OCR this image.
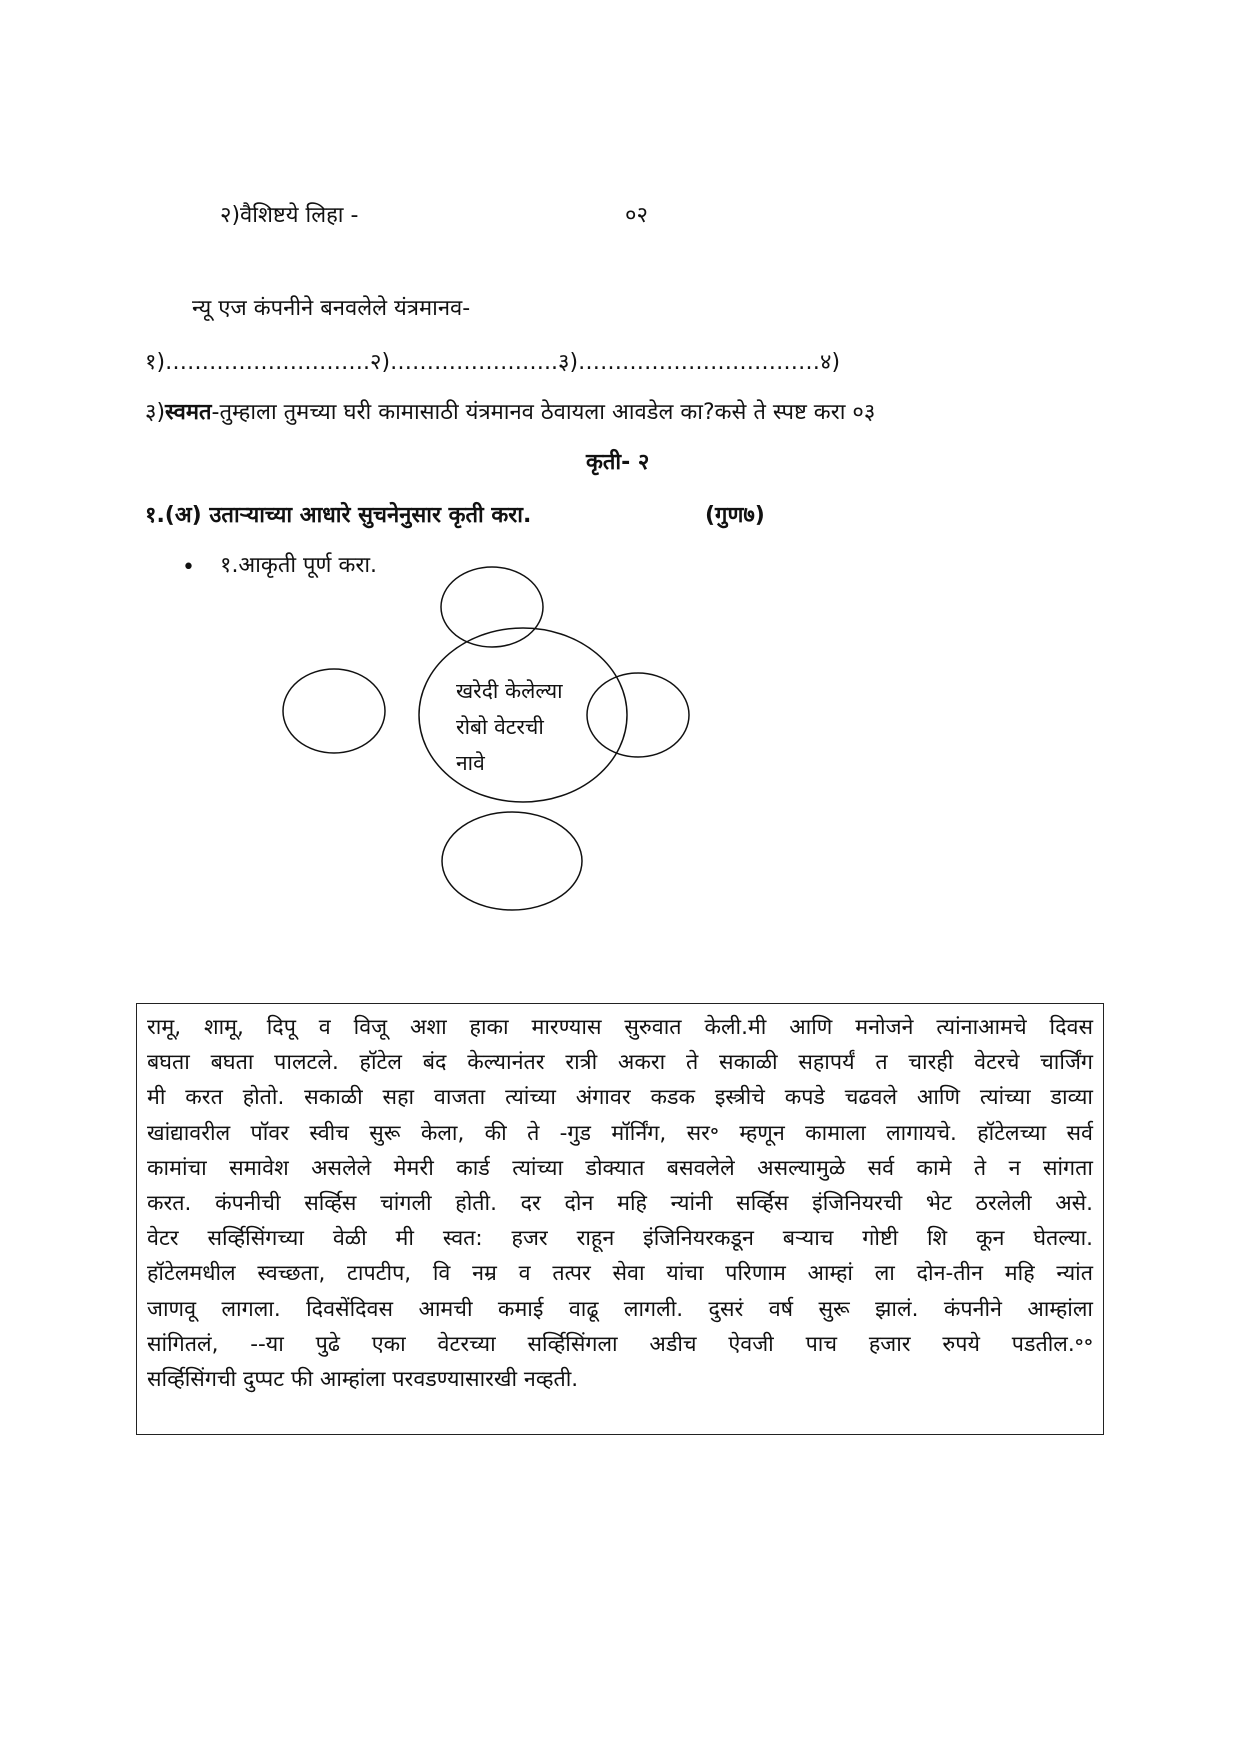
२)वैशिष्टये लिहा -	०२
न्यू एज कंपनीने बनवलेले यंत्रमानव-
१)……………………….२)…………………..३)……………………………४)
३)स्वमत-तुम्हाला तुमच्या घरी कामासाठी यंत्रमानव ठेवायला आवडेल का?कसे ते स्पष्ट करा ०३
कृती- २
१.(अ) उताऱ्याच्या आधारे सुचनेनुसार कृती करा.	(गुण७)
• १.आकृती पूर्ण करा.
खरेदी केलेल्या
रोबो वेटरची
नावे
रामू, शामू, दिपू व विजू अशा हाका मारण्यास सुरुवात केली.मी आणि मनोजने त्यांनाआमचे दिवस
बघता बघता पालटले. हॉटेल बंद केल्यानंतर रात्री अकरा ते सकाळी सहापर्यं त चारही वेटरचे चार्जिंग
मी करत होतो. सकाळी सहा वाजता त्यांच्या अंगावर कडक इस्त्रीचे कपडे चढवले आणि त्यांच्या डाव्या
खांद्यावरील पॉवर स्वीच सुरू केला, की ते -गुड मॉर्निंग, सर॰ म्हणून कामाला लागायचे. हॉटेलच्या सर्व
कामांचा समावेश असलेले मेमरी कार्ड त्यांच्या डोक्यात बसवलेले असल्यामुळे सर्व कामे ते न सांगता
करत. कंपनीची सर्व्हिस चांगली होती. दर दोन महि न्यांनी सर्व्हिस इंजिनियरची भेट ठरलेली असे.
वेटर सर्व्हिसिंगच्या वेळी मी स्वत: हजर राहून इंजिनियरकडून बऱ्याच गोष्टी शि कून घेतल्या.
हॉटेलमधील स्वच्छता, टापटीप, वि नम्र व तत्पर सेवा यांचा परिणाम आम्हां ला दोन-तीन महि न्यांत
जाणवू लागला. दिवसेंदिवस आमची कमाई वाढू लागली. दुसरं वर्ष सुरू झालं. कंपनीने आम्हांला
सांगितलं, --या पुढे एका वेटरच्या सर्व्हिसिंगला अडीच ऐवजी पाच हजार रुपये पडतील.॰॰
सर्व्हिसिंगची दुप्पट फी आम्हांला परवडण्यासारखी नव्हती.
